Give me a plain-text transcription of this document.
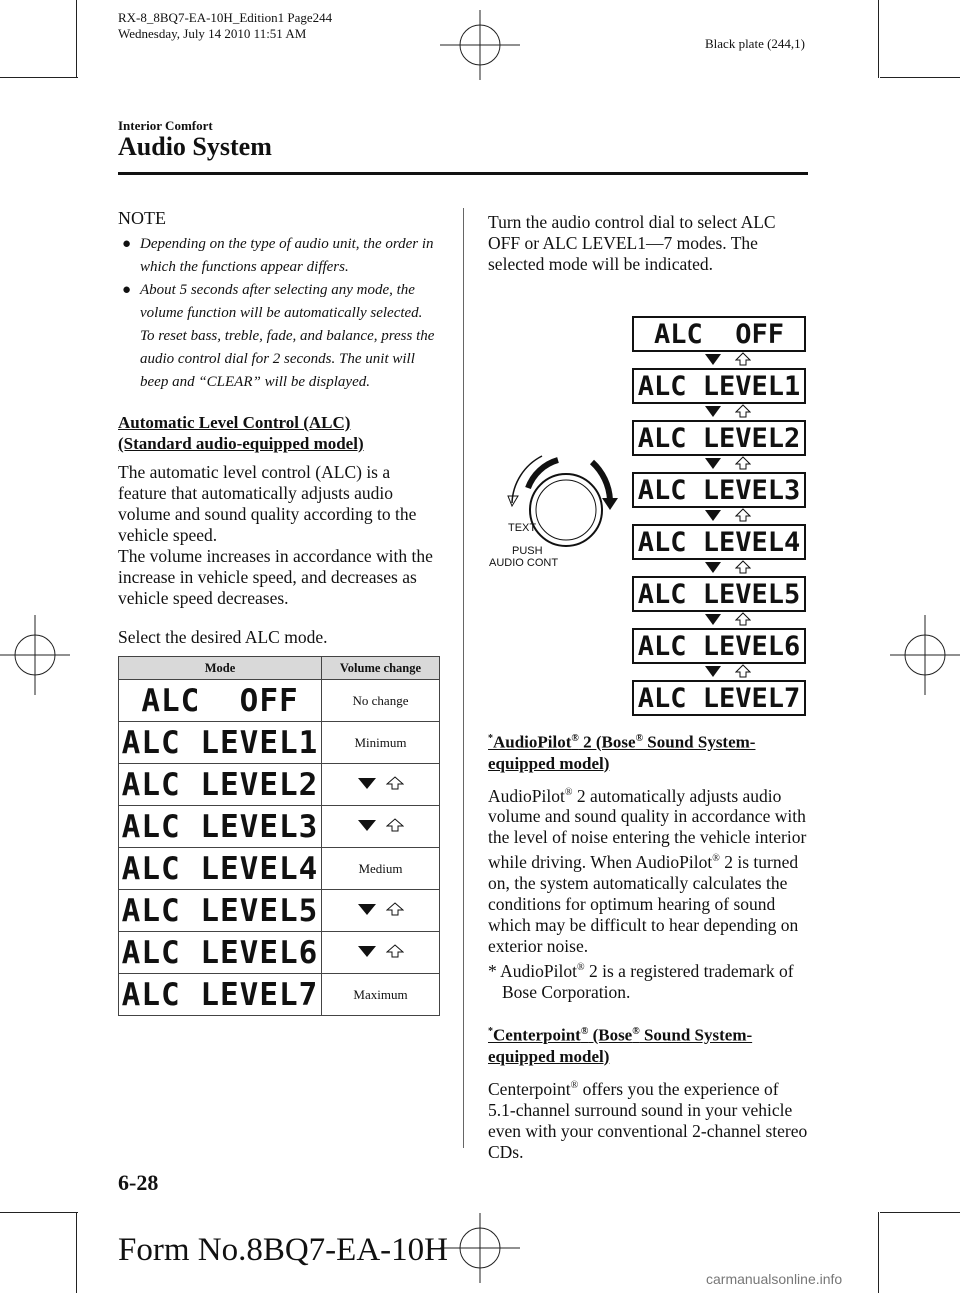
RX-8_8BQ7-EA-10H_Edition1 Page244
Wednesday, July 14 2010 11:51 AM
Black plate (244,1)
Interior Comfort
Audio System
NOTE
● Depending on the type of audio unit, the order in which the functions appear differs.
● About 5 seconds after selecting any mode, the volume function will be automatically selected. To reset bass, treble, fade, and balance, press the audio control dial for 2 seconds. The unit will beep and “CLEAR” will be displayed.
Automatic Level Control (ALC)
(Standard audio-equipped model)

The automatic level control (ALC) is a feature that automatically adjusts audio volume and sound quality according to the vehicle speed.

The volume increases in accordance with the increase in vehicle speed, and decreases as vehicle speed decreases.

Select the desired ALC mode.

Mode	Volume change
ALC  OFF	No change
ALC LEVEL1	Minimum
ALC LEVEL2	

ALC LEVEL3	

ALC LEVEL4	Medium
ALC LEVEL5	

ALC LEVEL6	

ALC LEVEL7	Maximum

Turn the audio control dial to select ALC OFF or ALC LEVEL1―7 modes. The selected mode will be indicated.

TEXT
PUSH
AUDIO CONT
ALC  OFF
ALC LEVEL1
ALC LEVEL2
ALC LEVEL3
ALC LEVEL4
ALC LEVEL5
ALC LEVEL6
ALC LEVEL7
*AudioPilot® 2 (Bose® Sound System-
equipped model)

AudioPilot® 2 automatically adjusts audio volume and sound quality in accordance with the level of noise entering the vehicle interior while driving. When AudioPilot® 2 is turned on, the system automatically calculates the conditions for optimum hearing of sound which may be difficult to hear depending on exterior noise.

* AudioPilot® 2 is a registered trademark of Bose Corporation.

*Centerpoint® (Bose® Sound System-
equipped model)

Centerpoint® offers you the experience of 5.1-channel surround sound in your vehicle even with your conventional 2-channel stereo CDs.

6-28
Form No.8BQ7-EA-10H
carmanualsonline.info
